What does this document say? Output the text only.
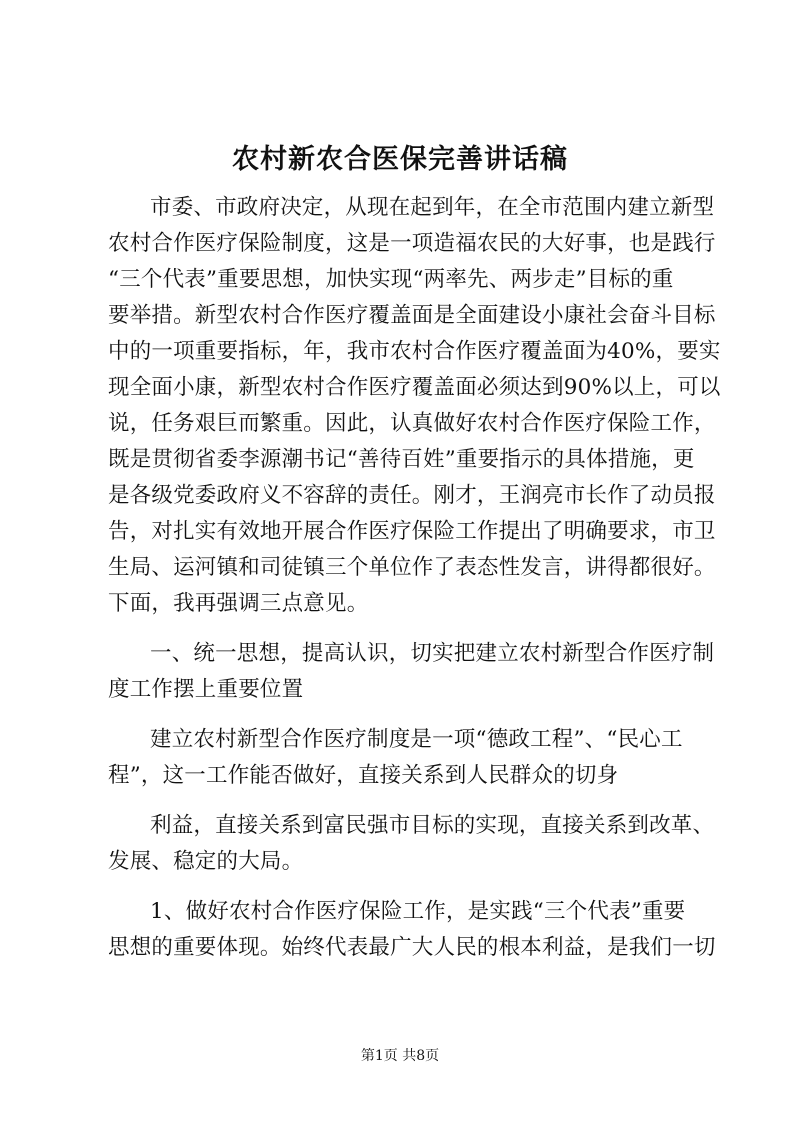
农村新农合医保完善讲话稿
市委、市政府决定，从现在起到年，在全市范围内建立新型
农村合作医疗保险制度，这是一项造福农民的大好事，也是践行
“三个代表”重要思想，加快实现“两率先、两步走”目标的重
要举措。新型农村合作医疗覆盖面是全面建设小康社会奋斗目标
中的一项重要指标，年，我市农村合作医疗覆盖面为40%，要实
现全面小康，新型农村合作医疗覆盖面必须达到90%以上，可以
说，任务艰巨而繁重。因此，认真做好农村合作医疗保险工作，
既是贯彻省委李源潮书记“善待百姓”重要指示的具体措施，更
是各级党委政府义不容辞的责任。刚才，王润亮市长作了动员报
告，对扎实有效地开展合作医疗保险工作提出了明确要求，市卫
生局、运河镇和司徒镇三个单位作了表态性发言，讲得都很好。
下面，我再强调三点意见。
一、统一思想，提高认识，切实把建立农村新型合作医疗制
度工作摆上重要位置
建立农村新型合作医疗制度是一项“德政工程”、“民心工
程”，这一工作能否做好，直接关系到人民群众的切身
利益，直接关系到富民强市目标的实现，直接关系到改革、
发展、稳定的大局。
1、做好农村合作医疗保险工作，是实践“三个代表”重要
思想的重要体现。始终代表最广大人民的根本利益，是我们一切
第1页 共8页
